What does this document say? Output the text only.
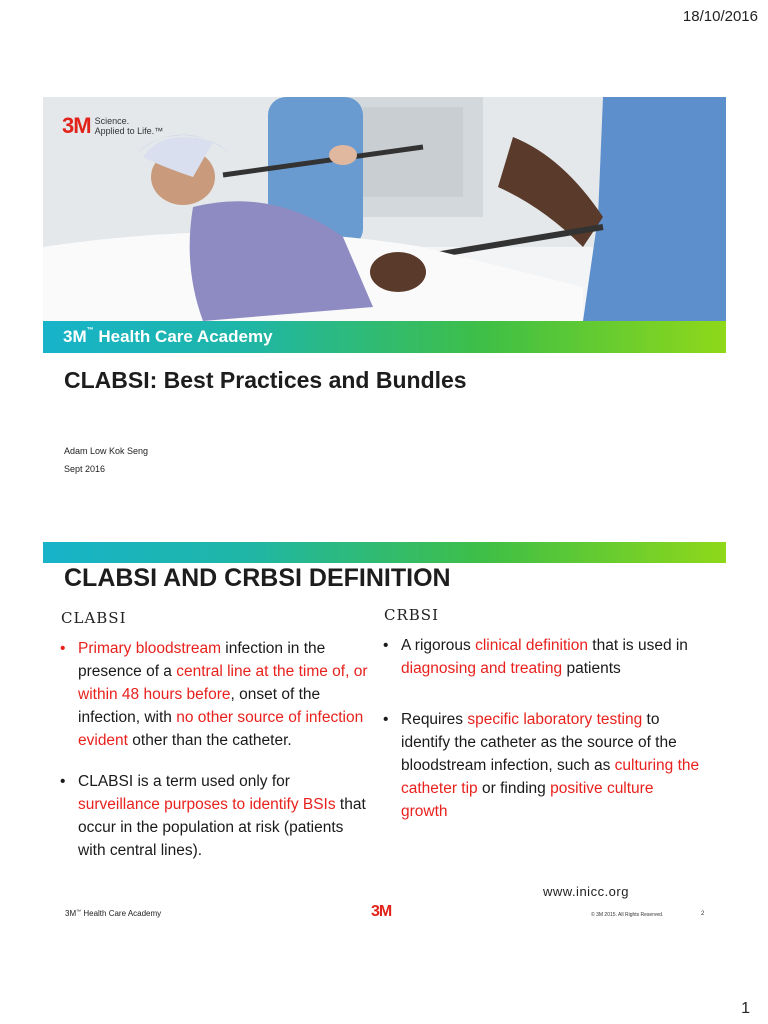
18/10/2016
3M Science.
Applied to Life.™
3M™ Health Care Academy
CLABSI: Best Practices and Bundles
Adam Low Kok Seng
Sept 2016
CLABSI AND CRBSI DEFINITION
CLABSI	CRBSI
• Primary bloodstream infection in the presence of a central line at the time of, or within 48 hours before, onset of the infection, with no other source of infection evident other than the catheter.
• CLABSI is a term used only for surveillance purposes to identify BSIs that occur in the population at risk (patients with central lines).
• A rigorous clinical definition that is used in diagnosing and treating patients
• Requires specific laboratory testing to identify the catheter as the source of the bloodstream infection, such as culturing the catheter tip or finding positive culture growth
www.inicc.org
3M™ Health Care Academy	3M	© 3M 2015. All Rights Reserved.	2
1
